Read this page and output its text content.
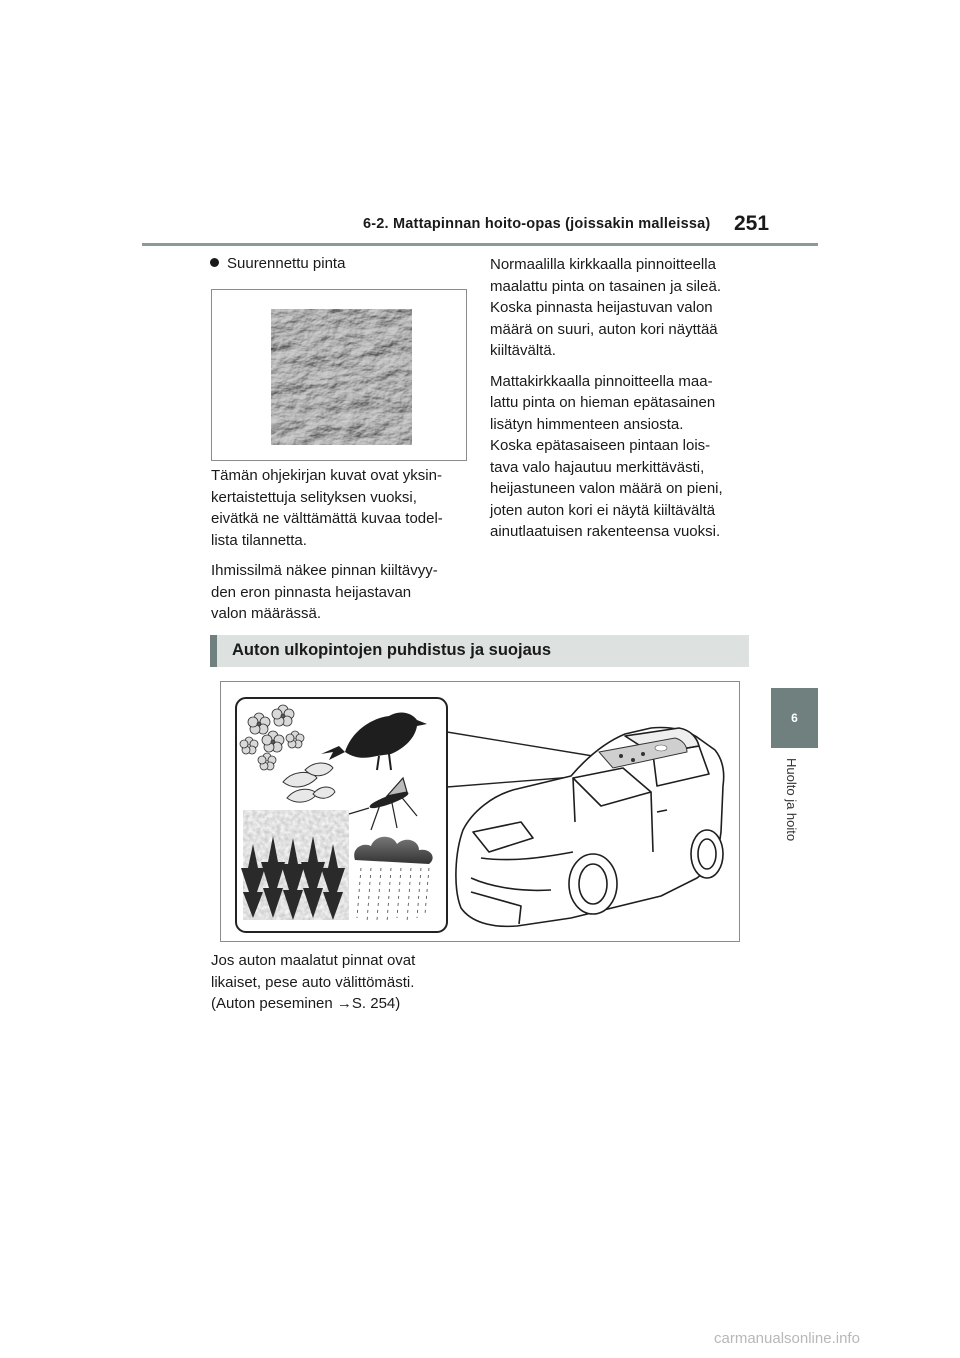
6-2. Mattapinnan hoito-opas (joissakin malleissa) 251
6
Huolto ja hoito
Suurennettu pinta

Tämän ohjekirjan kuvat ovat yksin-
kertaistettuja selityksen vuoksi,
eivätkä ne välttämättä kuvaa todel-
lista tilannetta.

Ihmissilmä näkee pinnan kiiltävyy-
den eron pinnasta heijastavan
valon määrässä.

Normaalilla kirkkaalla pinnoitteella
maalattu pinta on tasainen ja sileä.
Koska pinnasta heijastuvan valon
määrä on suuri, auton kori näyttää
kiiltävältä.

Mattakirkkaalla pinnoitteella maa-
lattu pinta on hieman epätasainen
lisätyn himmenteen ansiosta.
Koska epätasaiseen pintaan lois-
tava valo hajautuu merkittävästi,
heijastuneen valon määrä on pieni,
joten auton kori ei näytä kiiltävältä
ainutlaatuisen rakenteensa vuoksi.

Auton ulkopintojen puhdistus ja suojaus

Jos auton maalatut pinnat ovat
likaiset, pese auto välittömästi.
(Auton peseminen →S. 254)

carmanualsonline.info
